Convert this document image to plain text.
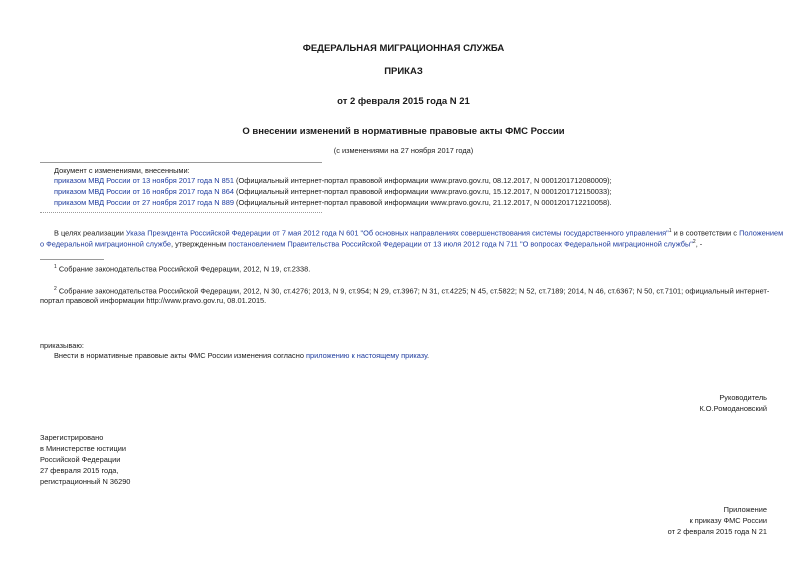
ФЕДЕРАЛЬНАЯ МИГРАЦИОННАЯ СЛУЖБА
ПРИКАЗ
от 2 февраля 2015 года N 21
О внесении изменений в нормативные правовые акты ФМС России
(с изменениями на 27 ноября 2017 года)
Документ с изменениями, внесенными:
приказом МВД России от 13 ноября 2017 года N 851 (Официальный интернет-портал правовой информации www.pravo.gov.ru, 08.12.2017, N 0001201712080009);
приказом МВД России от 16 ноября 2017 года N 864 (Официальный интернет-портал правовой информации www.pravo.gov.ru, 15.12.2017, N 0001201712150033);
приказом МВД России от 27 ноября 2017 года N 889 (Официальный интернет-портал правовой информации www.pravo.gov.ru, 21.12.2017, N 0001201712210058).
В целях реализации Указа Президента Российской Федерации от 7 мая 2012 года N 601 "Об основных направлениях совершенствования системы государственного управления"$^1$ и в соответствии с Положением
о Федеральной миграционной службе, утвержденным постановлением Правительства Российской Федерации от 13 июля 2012 года N 711 "О вопросах Федеральной миграционной службы"$^2$, -
$^1$ Собрание законодательства Российской Федерации, 2012, N 19, ст.2338.
$^2$ Собрание законодательства Российской Федерации, 2012, N 30, ст.4276; 2013, N 9, ст.954; N 29, ст.3967; N 31, ст.4225; N 45, ст.5822; N 52, ст.7189; 2014, N 46, ст.6367; N 50, ст.7101; официальный интернет-
портал правовой информации http://www.pravo.gov.ru, 08.01.2015.
приказываю:
Внести в нормативные правовые акты ФМС России изменения согласно приложению к настоящему приказу.
Руководитель
К.О.Ромодановский
Зарегистрировано
в Министерстве юстиции
Российской Федерации
27 февраля 2015 года,
регистрационный N 36290
Приложение
к приказу ФМС России
от 2 февраля 2015 года N 21
